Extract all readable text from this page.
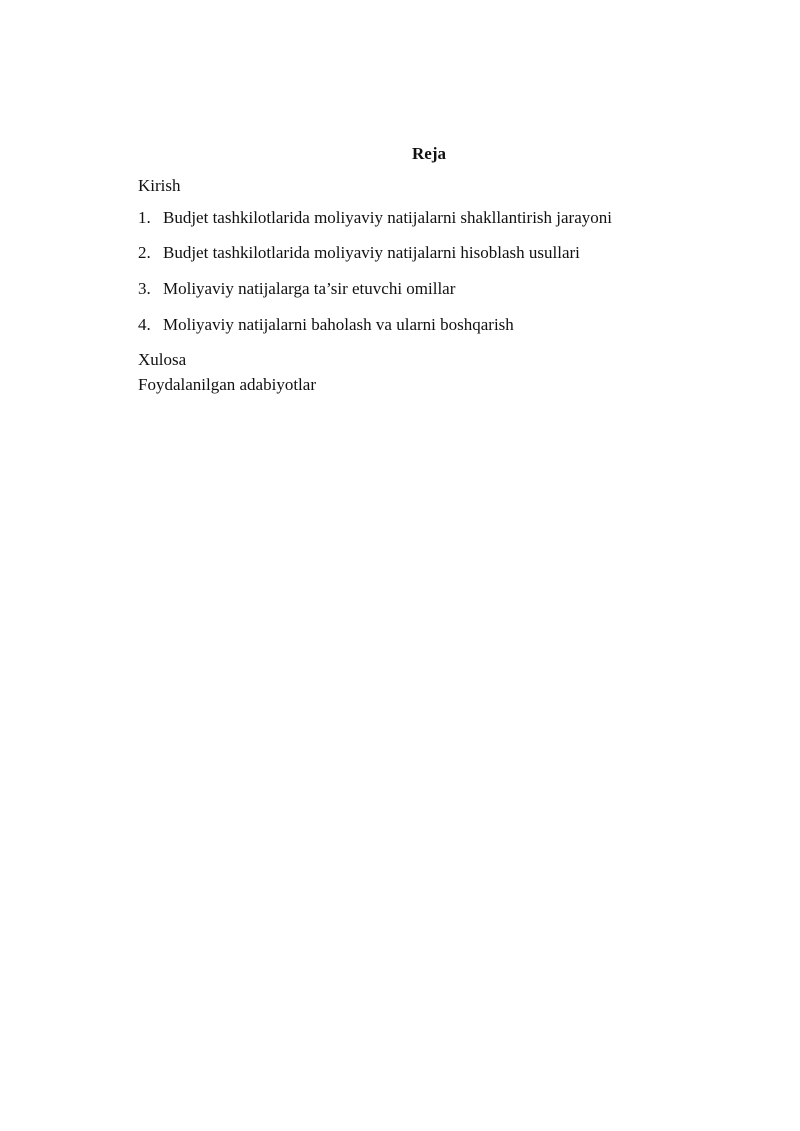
Reja
Kirish
1. Budjet tashkilotlarida moliyaviy natijalarni shakllantirish jarayoni
2. Budjet tashkilotlarida moliyaviy natijalarni hisoblash usullari
3. Moliyaviy natijalarga ta’sir etuvchi omillar
4. Moliyaviy natijalarni baholash va ularni boshqarish
Xulosa
Foydalanilgan adabiyotlar
